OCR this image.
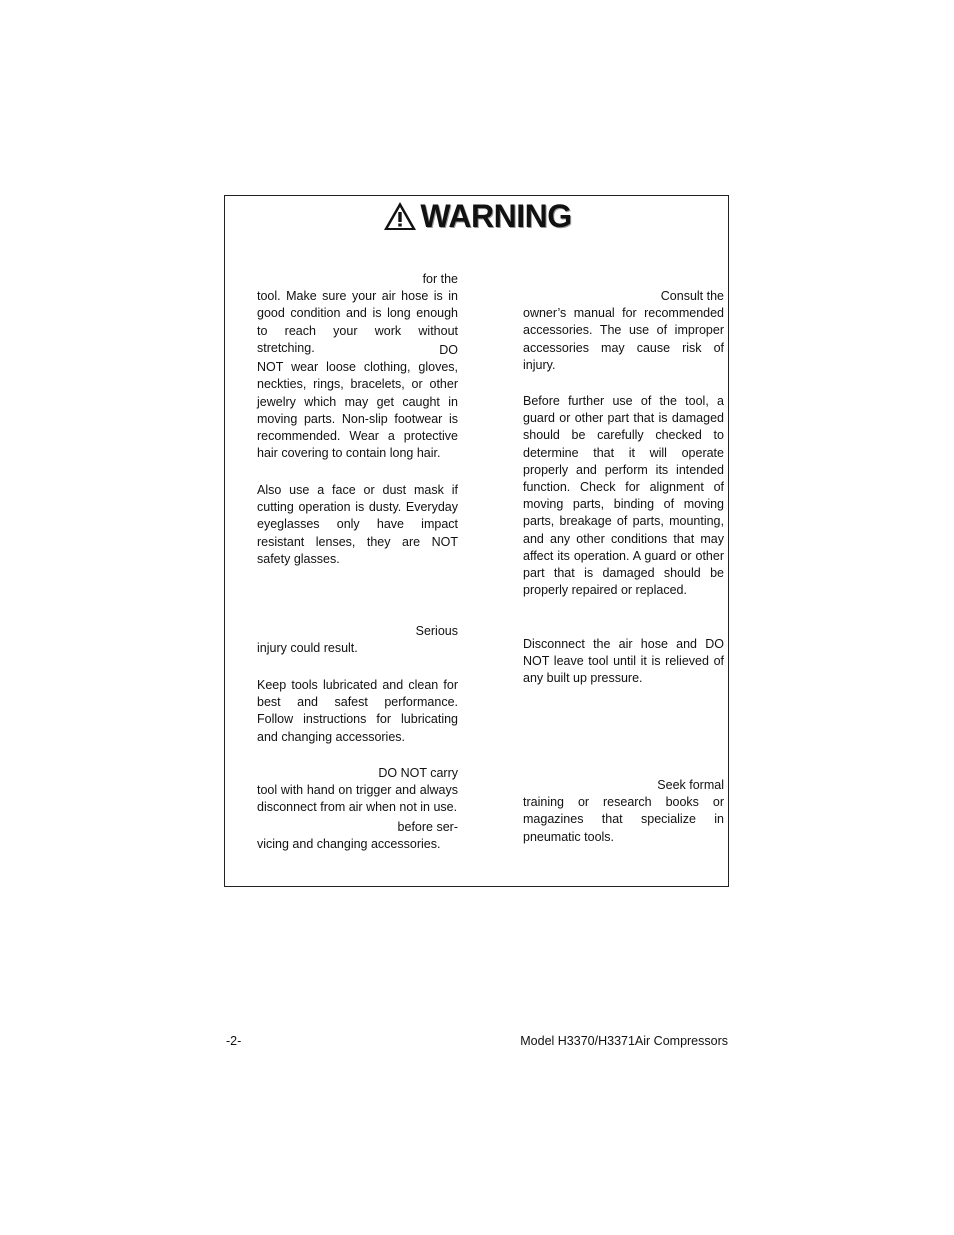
WARNING

for the
tool. Make sure your air hose is in good condition and is long enough to reach your work without stretching.	DO
NOT wear loose clothing, gloves, neckties, rings, bracelets, or other jewelry which may get caught in moving parts. Non-slip footwear is recommended. Wear a protective hair covering to contain long hair.

Also use a face or dust mask if cutting operation is dusty. Everyday eyeglasses only have impact resistant lenses, they are NOT safety glasses.

Serious
injury could result.

Keep tools lubricated and clean for best and safest performance. Follow instructions for lubricating and changing accessories.

DO NOT carry
tool with hand on trigger and always disconnect from air when not in use.

before ser-
vicing and changing accessories.

Consult the
owner’s manual for recommended accessories. The use of improper accessories may cause risk of injury.

Before further use of the tool, a guard or other part that is damaged should be carefully checked to determine that it will operate properly and perform its intended function. Check for alignment of moving parts, binding of moving parts, breakage of parts, mounting, and any other conditions that may affect its operation. A guard or other part that is damaged should be properly repaired or replaced.

Disconnect the air hose and DO NOT leave tool until it is relieved of any built up pressure.

Seek formal
training or research books or magazines that specialize in pneumatic tools.

-2-	Model H3370/H3371Air Compressors
